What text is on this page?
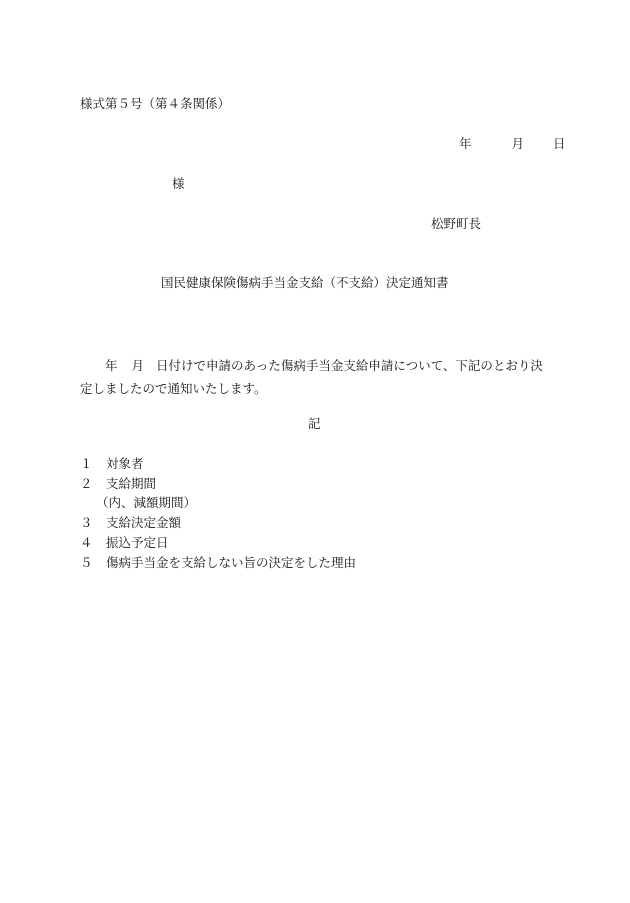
様式第５号（第４条関係）
年	月 日
様
松野町長
国民健康保険傷病手当金支給（不支給）決定通知書
年 月 日付けで申請のあった傷病手当金支給申請について、下記のとおり決定しましたので通知いたします。
記
１ 対象者
２ 支給期間
（内、減額期間）
３ 支給決定金額
４ 振込予定日
５ 傷病手当金を支給しない旨の決定をした理由
